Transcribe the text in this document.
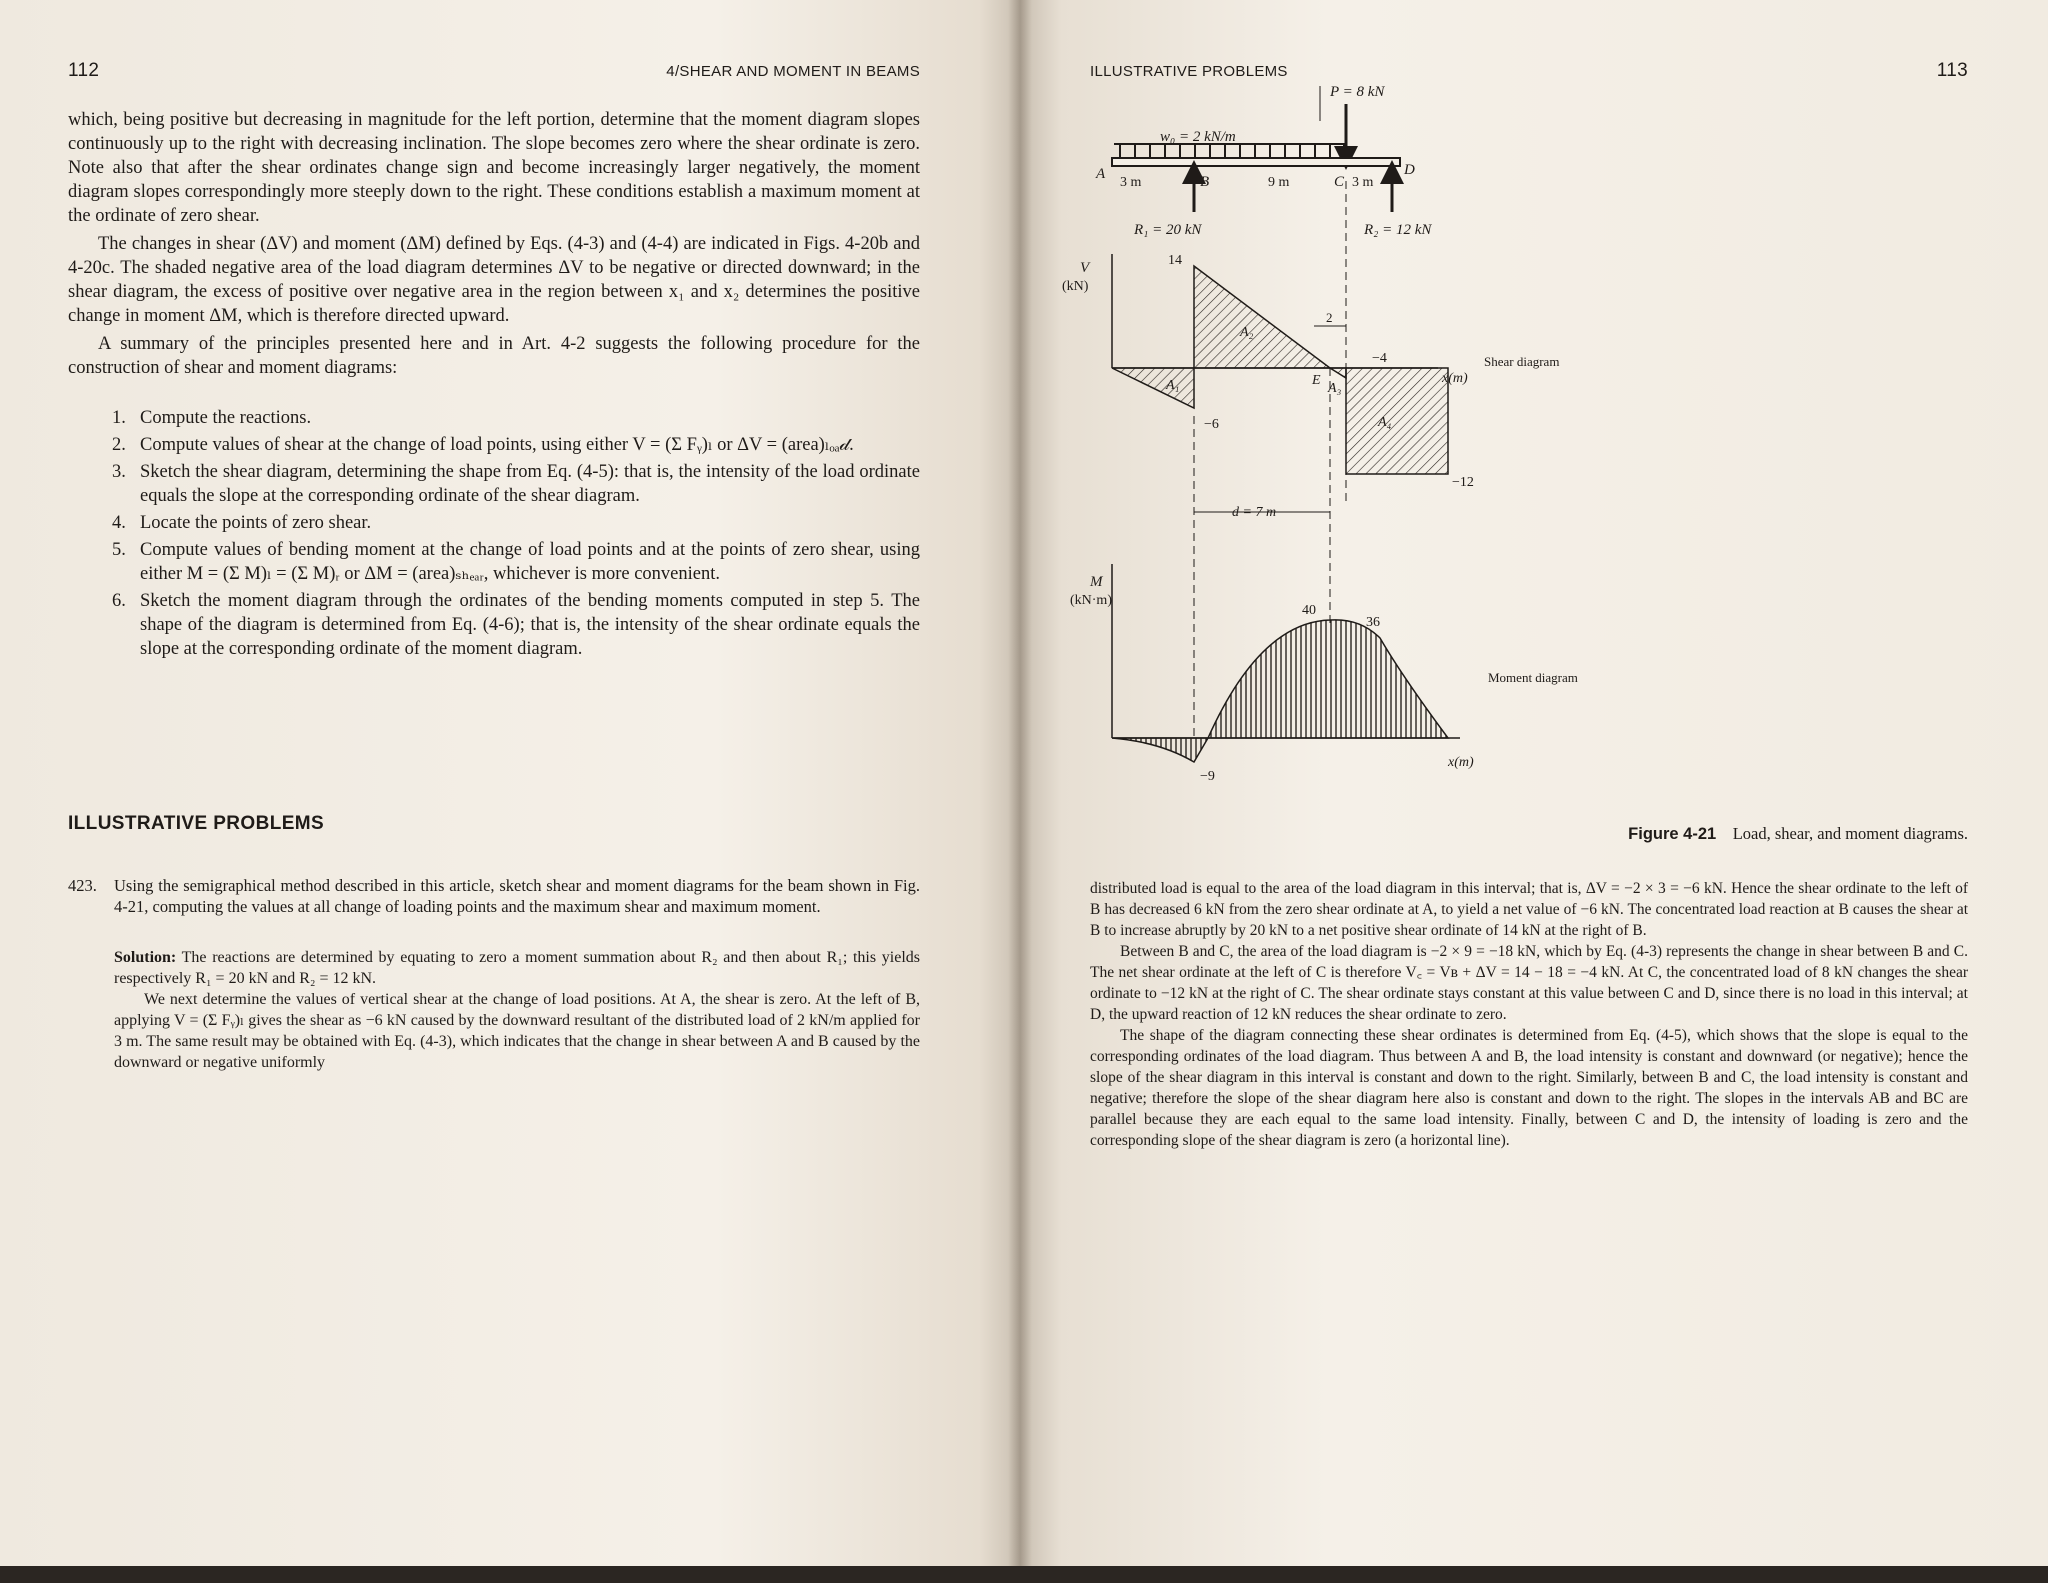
112	4/SHEAR AND MOMENT IN BEAMS

which, being positive but decreasing in magnitude for the left portion, determine that the moment diagram slopes continuously up to the right with decreasing inclination. The slope becomes zero where the shear ordinate is zero. Note also that after the shear ordinates change sign and become increasingly larger negatively, the moment diagram slopes correspondingly more steeply down to the right. These conditions establish a maximum moment at the ordinate of zero shear.

The changes in shear (ΔV) and moment (ΔM) defined by Eqs. (4-3) and (4-4) are indicated in Figs. 4-20b and 4-20c. The shaded negative area of the load diagram determines ΔV to be negative or directed downward; in the shear diagram, the excess of positive over negative area in the region between x₁ and x₂ determines the positive change in moment ΔM, which is therefore directed upward.

A summary of the principles presented here and in Art. 4-2 suggests the following procedure for the construction of shear and moment diagrams:

1. Compute the reactions.
2. Compute values of shear at the change of load points, using either V = (Σ Fᵧ)ₗ or ΔV = (area)ₗₒₐ𝒹.
3. Sketch the shear diagram, determining the shape from Eq. (4-5): that is, the intensity of the load ordinate equals the slope at the corresponding ordinate of the shear diagram.
4. Locate the points of zero shear.
5. Compute values of bending moment at the change of load points and at the points of zero shear, using either M = (Σ M)ₗ = (Σ M)ᵣ or ΔM = (area)ₛₕₑₐᵣ, whichever is more convenient.
6. Sketch the moment diagram through the ordinates of the bending moments computed in step 5. The shape of the diagram is determined from Eq. (4-6); that is, the intensity of the shear ordinate equals the slope at the corresponding ordinate of the moment diagram.
ILLUSTRATIVE PROBLEMS
423.	Using the semigraphical method described in this article, sketch shear and moment diagrams for the beam shown in Fig. 4-21, computing the values at all change of loading points and the maximum shear and maximum moment.

Solution: The reactions are determined by equating to zero a moment summation about R₂ and then about R₁; this yields respectively R₁ = 20 kN and R₂ = 12 kN.

We next determine the values of vertical shear at the change of load positions. At A, the shear is zero. At the left of B, applying V = (Σ Fᵧ)ₗ gives the shear as −6 kN caused by the downward resultant of the distributed load of 2 kN/m applied for 3 m. The same result may be obtained with Eq. (4-3), which indicates that the change in shear between A and B caused by the downward or negative uniformly

ILLUSTRATIVE PROBLEMS	113
P = 8 kN
w₀ = 2 kN/m
A
3 m	B	9 m	C 3 m
D
R₁ = 20 kN	R₂ = 12 kN
V
(kN)
14
−6
−4
−12
A₁
A₂
A₃
A₄
E
2
d = 7 m
x(m)
Shear diagram
M
(kN·m)
40
36
−9
x(m)
Moment diagram
Figure 4-21 Load, shear, and moment diagrams.

distributed load is equal to the area of the load diagram in this interval; that is, ΔV = −2 × 3 = −6 kN. Hence the shear ordinate to the left of B has decreased 6 kN from the zero shear ordinate at A, to yield a net value of −6 kN. The concentrated load reaction at B causes the shear at B to increase abruptly by 20 kN to a net positive shear ordinate of 14 kN at the right of B.

Between B and C, the area of the load diagram is −2 × 9 = −18 kN, which by Eq. (4-3) represents the change in shear between B and C. The net shear ordinate at the left of C is therefore V꜀ = Vʙ + ΔV = 14 − 18 = −4 kN. At C, the concentrated load of 8 kN changes the shear ordinate to −12 kN at the right of C. The shear ordinate stays constant at this value between C and D, since there is no load in this interval; at D, the upward reaction of 12 kN reduces the shear ordinate to zero.

The shape of the diagram connecting these shear ordinates is determined from Eq. (4-5), which shows that the slope is equal to the corresponding ordinates of the load diagram. Thus between A and B, the load intensity is constant and downward (or negative); hence the slope of the shear diagram in this interval is constant and down to the right. Similarly, between B and C, the load intensity is constant and negative; therefore the slope of the shear diagram here also is constant and down to the right. The slopes in the intervals AB and BC are parallel because they are each equal to the same load intensity. Finally, between C and D, the intensity of loading is zero and the corresponding slope of the shear diagram is zero (a horizontal line).
